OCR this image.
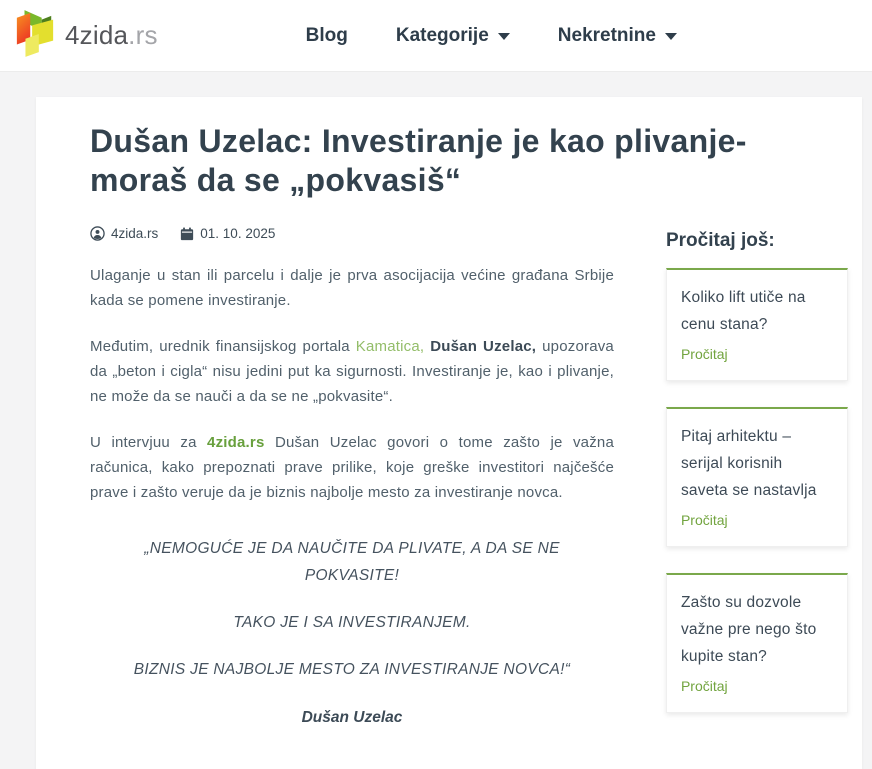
4zida.rs	Blog	Kategorije	Nekretnine
Dušan Uzelac: Investiranje je kao plivanje-moraš da se „pokvasiš“
4zida.rs	01. 10. 2025

Ulaganje u stan ili parcelu i dalje je prva asocijacija većine građana Srbije kada se pomene investiranje.

Međutim, urednik finansijskog portala Kamatica, Dušan Uzelac, upozorava da „beton i cigla“ nisu jedini put ka sigurnosti. Investiranje je, kao i plivanje, ne može da se nauči a da se ne „pokvasite“.

U intervjuu za 4zida.rs Dušan Uzelac govori o tome zašto je važna računica, kako prepoznati prave prilike, koje greške investitori najčešće prave i zašto veruje da je biznis najbolje mesto za investiranje novca.

„NEMOGUĆE JE DA NAUČITE DA PLIVATE, A DA SE NE POKVASITE!

TAKO JE I SA INVESTIRANJEM.

BIZNIS JE NAJBOLJE MESTO ZA INVESTIRANJE NOVCA!“

Dušan Uzelac

Pročitaj još:
Koliko lift utiče na cenu stana?
Pročitaj
Pitaj arhitektu – serijal korisnih saveta se nastavlja
Pročitaj
Zašto su dozvole važne pre nego što kupite stan?
Pročitaj
